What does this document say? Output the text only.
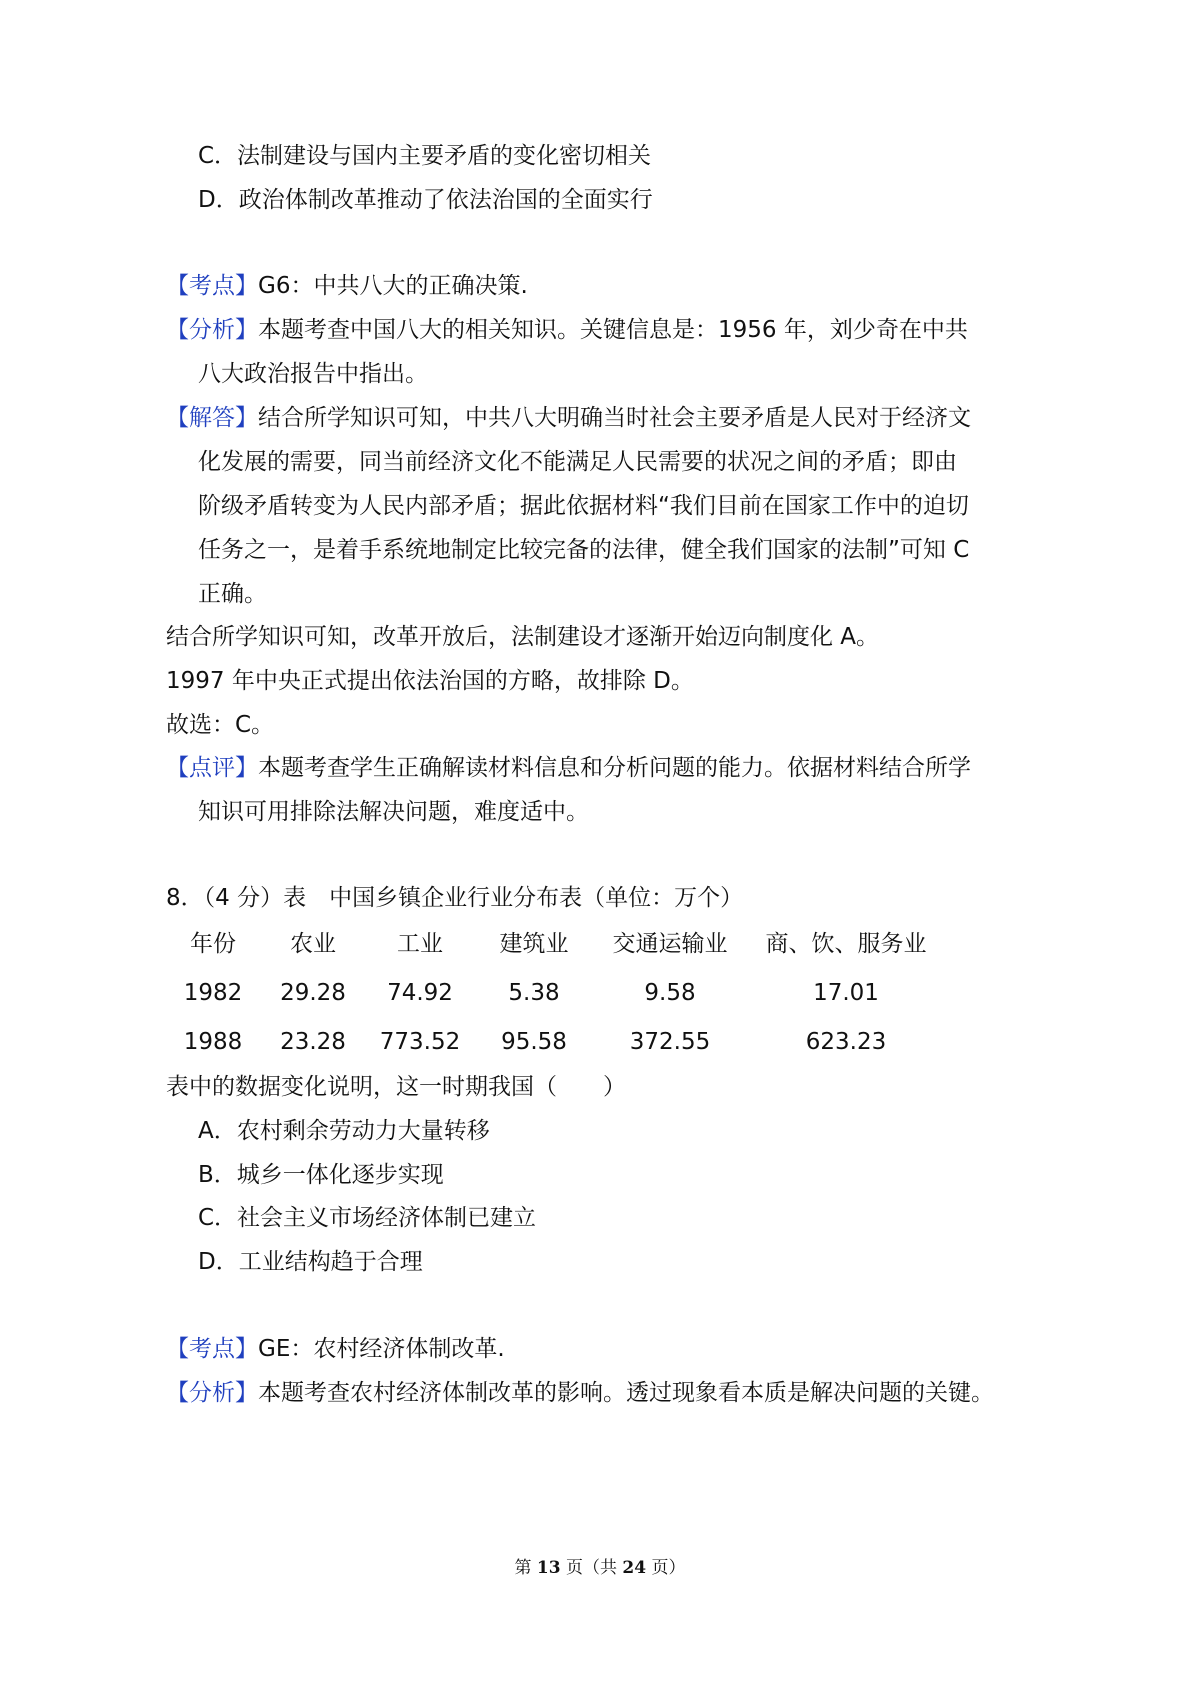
C．法制建设与国内主要矛盾的变化密切相关
D．政治体制改革推动了依法治国的全面实行
【考点】G6：中共八大的正确决策.
【分析】本题考查中国八大的相关知识。关键信息是：1956 年，刘少奇在中共
八大政治报告中指出。
【解答】结合所学知识可知，中共八大明确当时社会主要矛盾是人民对于经济文
化发展的需要，同当前经济文化不能满足人民需要的状况之间的矛盾；即由
阶级矛盾转变为人民内部矛盾；据此依据材料“我们目前在国家工作中的迫切
任务之一，是着手系统地制定比较完备的法律，健全我们国家的法制”可知 C
正确。
结合所学知识可知，改革开放后，法制建设才逐渐开始迈向制度化 A。
1997 年中央正式提出依法治国的方略，故排除 D。
故选：C。
【点评】本题考查学生正确解读材料信息和分析问题的能力。依据材料结合所学
知识可用排除法解决问题，难度适中。
8．（4 分）表　中国乡镇企业行业分布表（单位：万个）
年份 农业	工业 建筑业 交通运输业 商、饮、服务业
1982 29.28 74.92 5.38	9.58	17.01
1988 23.28 773.52 95.58	372.55	623.23
表中的数据变化说明，这一时期我国（　　）
A．农村剩余劳动力大量转移
B．城乡一体化逐步实现
C．社会主义市场经济体制已建立
D．工业结构趋于合理
【考点】GE：农村经济体制改革.
【分析】本题考查农村经济体制改革的影响。透过现象看本质是解决问题的关键。
第 13 页（共 24 页）
